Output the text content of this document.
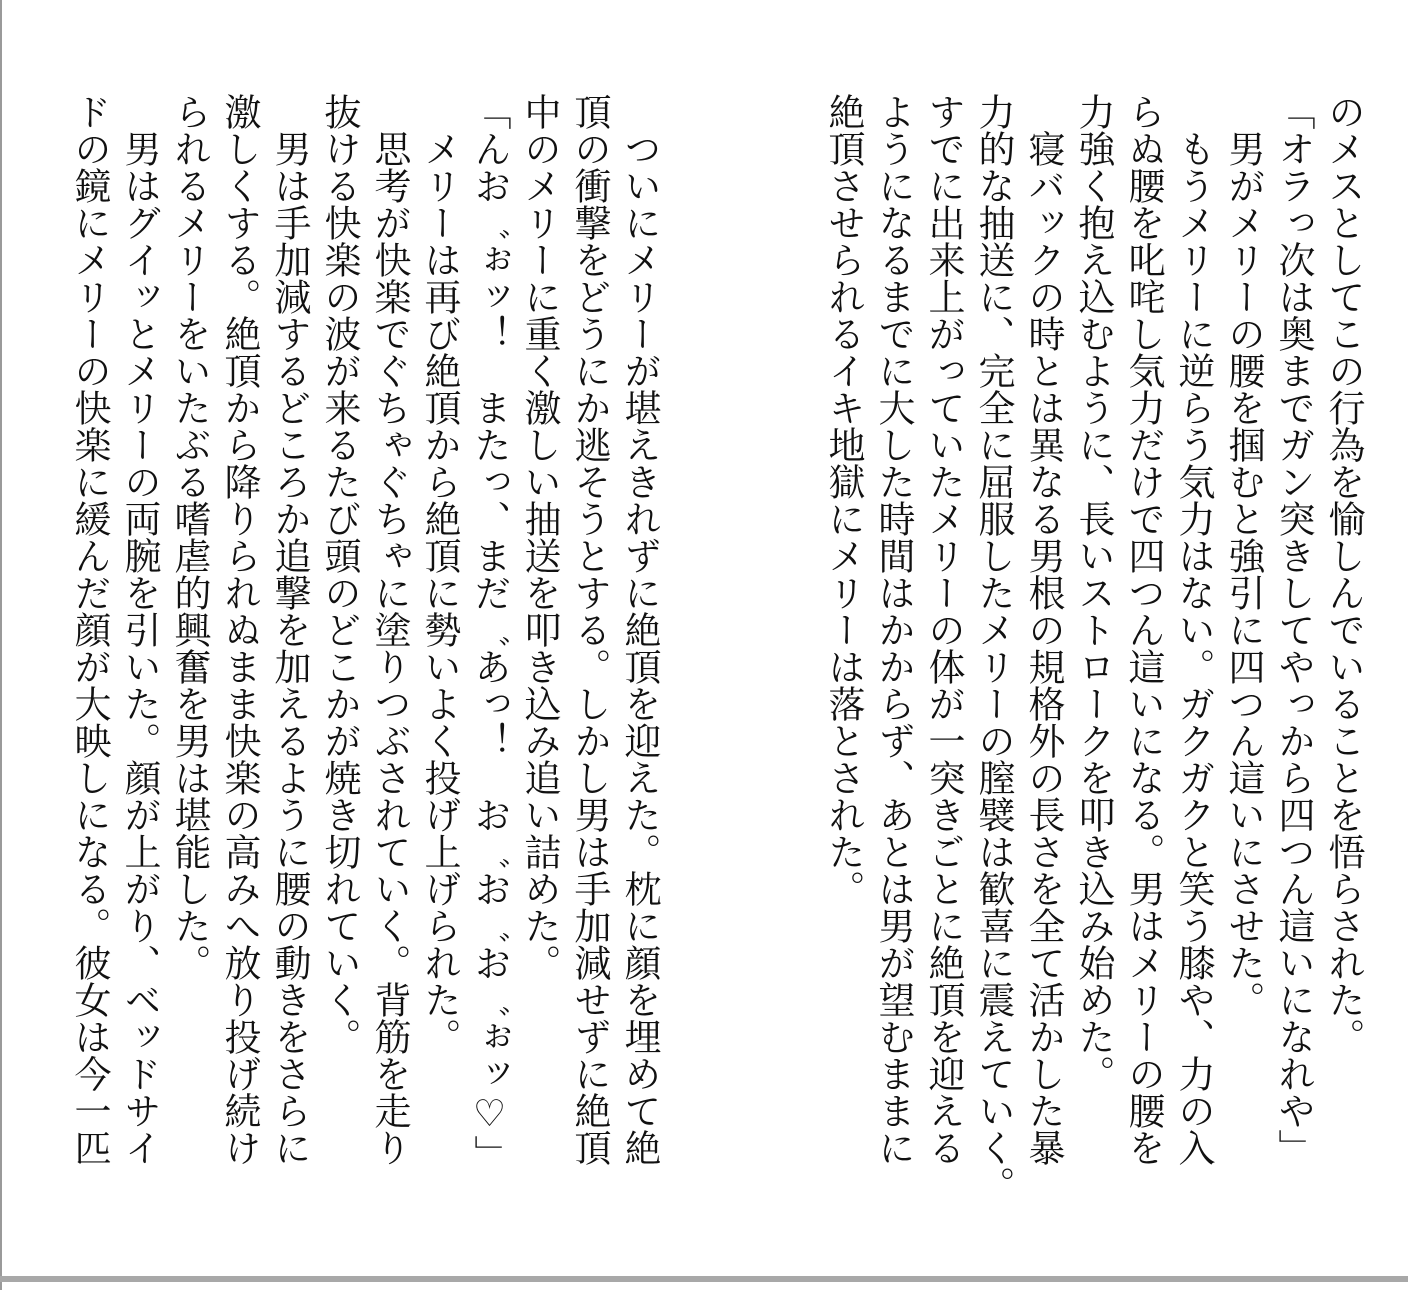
のメスとしてこの行為を愉しんでいることを悟らされた。
「オラっ次は奥までガン突きしてやっから四つん這いになれや」
　男がメリーの腰を掴むと強引に四つん這いにさせた。
　もうメリーに逆らう気力はない。ガクガクと笑う膝や、力の入
らぬ腰を叱咤し気力だけで四つん這いになる。男はメリーの腰を
力強く抱え込むように、長いストロークを叩き込み始めた。
　寝バックの時とは異なる男根の規格外の長さを全て活かした暴
力的な抽送に、完全に屈服したメリーの膣襞は歓喜に震えていく。
すでに出来上がっていたメリーの体が一突きごとに絶頂を迎える
ようになるまでに大した時間はかからず、あとは男が望むままに
絶頂させられるイキ地獄にメリーは落とされた。
　ついにメリーが堪えきれずに絶頂を迎えた。枕に顔を埋めて絶
頂の衝撃をどうにか逃そうとする。しかし男は手加減せずに絶頂
中のメリーに重く激しい抽送を叩き込み追い詰めた。
「んお゛ぉッ！　またっ、まだ゛あっ！　お゛お゛お゛ぉッ♡」
　メリーは再び絶頂から絶頂に勢いよく投げ上げられた。
　思考が快楽でぐちゃぐちゃに塗りつぶされていく。背筋を走り
抜ける快楽の波が来るたび頭のどこかが焼き切れていく。
　男は手加減するどころか追撃を加えるように腰の動きをさらに
激しくする。絶頂から降りられぬまま快楽の高みへ放り投げ続け
られるメリーをいたぶる嗜虐的興奮を男は堪能した。
　男はグイッとメリーの両腕を引いた。顔が上がり、ベッドサイ
ドの鏡にメリーの快楽に緩んだ顔が大映しになる。彼女は今一匹
